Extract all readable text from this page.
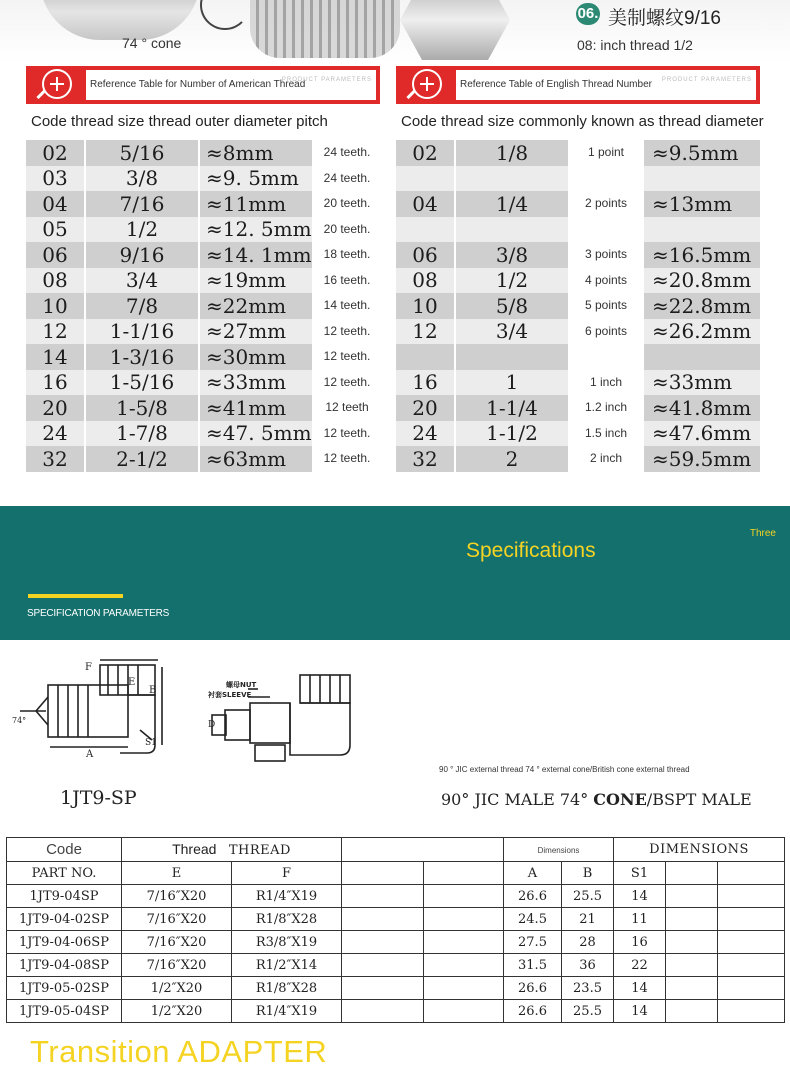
74 ° cone
06. 美制螺纹9/16
08: inch thread 1/2
Reference Table for Number of American Thread
PRODUCT PARAMETERS
Code thread size thread outer diameter pitch
02	5/16	≈8mm	24 teeth.
03	3/8	≈9. 5mm	24 teeth.
04	7/16	≈11mm	20 teeth.
05	1/2	≈12. 5mm	20 teeth.
06	9/16	≈14. 1mm	18 teeth.
08	3/4	≈19mm	16 teeth.
10	7/8	≈22mm	14 teeth.
12	1-1/16	≈27mm	12 teeth.
14	1-3/16	≈30mm	12 teeth.
16	1-5/16	≈33mm	12 teeth.
20	1-5/8	≈41mm	12 teeth
24	1-7/8	≈47. 5mm	12 teeth.
32	2-1/2	≈63mm	12 teeth.
Reference Table of English Thread Number	PRODUCT PARAMETERS
Code thread size commonly known as thread diameter
02	1/8	1 point	≈9.5mm
04	1/4	2 points	≈13mm
06	3/8	3 points	≈16.5mm
08	1/2	4 points	≈20.8mm
10	5/8	5 points	≈22.8mm
12	3/4	6 points	≈26.2mm
16	1	1 inch	≈33mm
20	1-1/4	1.2 inch	≈41.8mm
24	1-1/2	1.5 inch	≈47.6mm
32	2	2 inch	≈59.5mm
Transition ADAPTER
Specifications
Three
SPECIFICATION PARAMETERS
F
E
B
A
S1
74°
螺母NUT
衬套SLEEVE
D
1JT9-SP
90 ° JIC external thread 74 ° external cone/British cone external thread
90° JIC MALE 74° CONE/BSPT MALE
Code	Thread THREAD				Dimensions		DIMENSIONS		
PART NO.	E	F			A	B	S1		
1JT9-04SP	7/16″X20	R1/4″X19			26.6	25.5	14		
1JT9-04-02SP	7/16″X20	R1/8″X28			24.5	21	11		
1JT9-04-06SP	7/16″X20	R3/8″X19			27.5	28	16		
1JT9-04-08SP	7/16″X20	R1/2″X14			31.5	36	22		
1JT9-05-02SP	1/2″X20	R1/8″X28			26.6	23.5	14		
1JT9-05-04SP	1/2″X20	R1/4″X19			26.6	25.5	14		
